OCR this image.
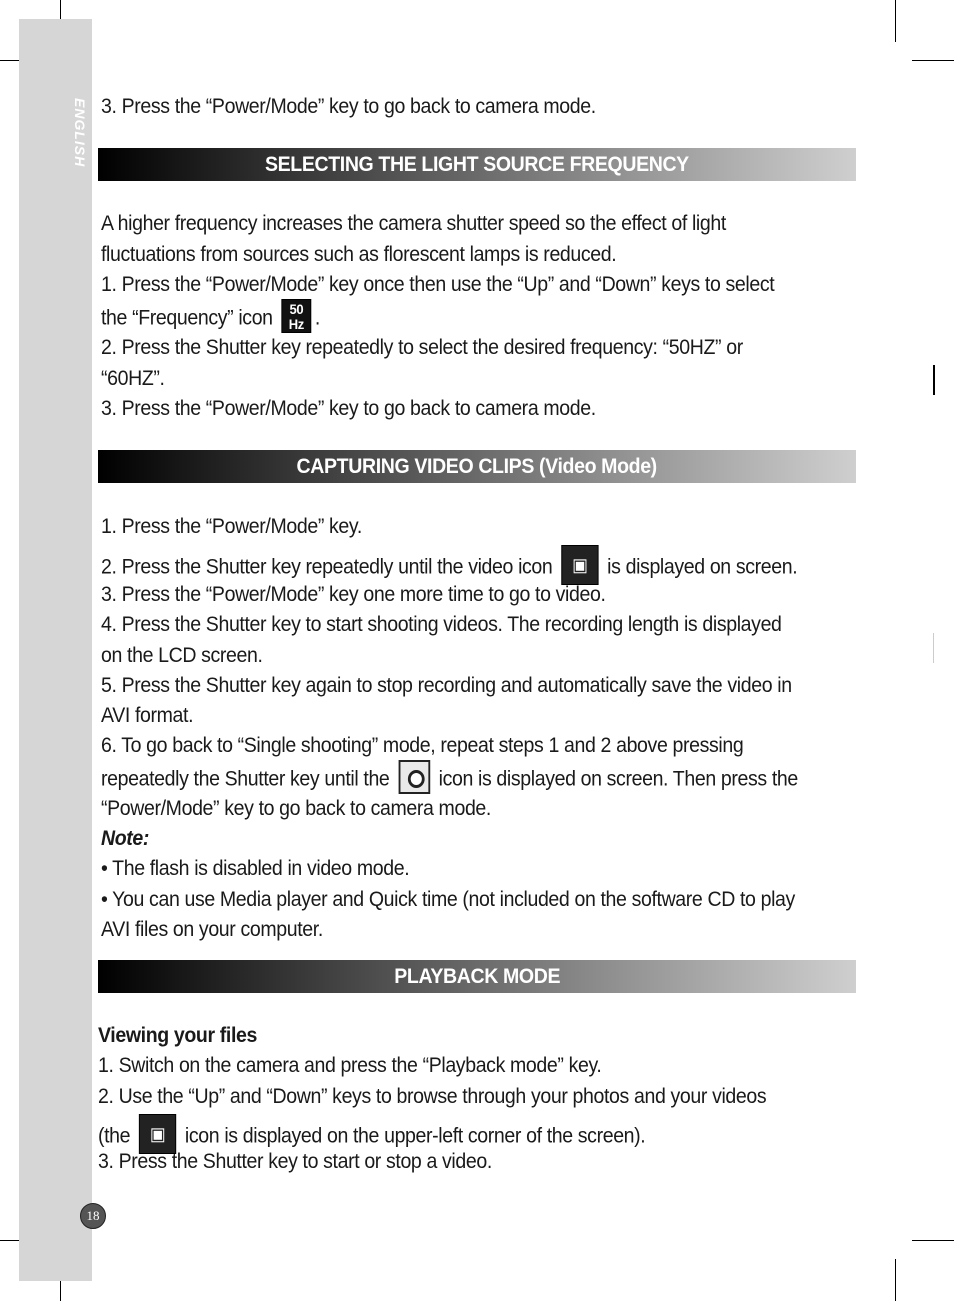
ENGLISH
18
3. Press the “Power/Mode” key to go back to camera mode.
SELECTING THE LIGHT SOURCE FREQUENCY
A higher frequency increases the camera shutter speed so the effect of light
fluctuations from sources such as florescent lamps is reduced.
1. Press the “Power/Mode” key once then use the “Up” and “Down” keys to select
the “Frequency” icon 50
Hz .
2. Press the Shutter key repeatedly to select the desired frequency: “50HZ” or
“60HZ”.
3. Press the “Power/Mode” key to go back to camera mode.
CAPTURING VIDEO CLIPS (Video Mode)
1. Press the “Power/Mode” key.
2. Press the Shutter key repeatedly until the video icon ▣ is displayed on screen.
3. Press the “Power/Mode” key one more time to go to video.
4. Press the Shutter key to start shooting videos. The recording length is displayed
on the LCD screen.
5. Press the Shutter key again to stop recording and automatically save the video in
AVI format.
6. To go back to “Single shooting” mode, repeat steps 1 and 2 above pressing
repeatedly the Shutter key until the icon is displayed on screen. Then press the
“Power/Mode” key to go back to camera mode.
Note:
• The flash is disabled in video mode.
• You can use Media player and Quick time (not included on the software CD to play
AVI files on your computer.
PLAYBACK MODE
Viewing your files
1. Switch on the camera and press the “Playback mode” key.
2. Use the “Up” and “Down” keys to browse through your photos and your videos
(the ▣ icon is displayed on the upper-left corner of the screen).
3. Press the Shutter key to start or stop a video.
